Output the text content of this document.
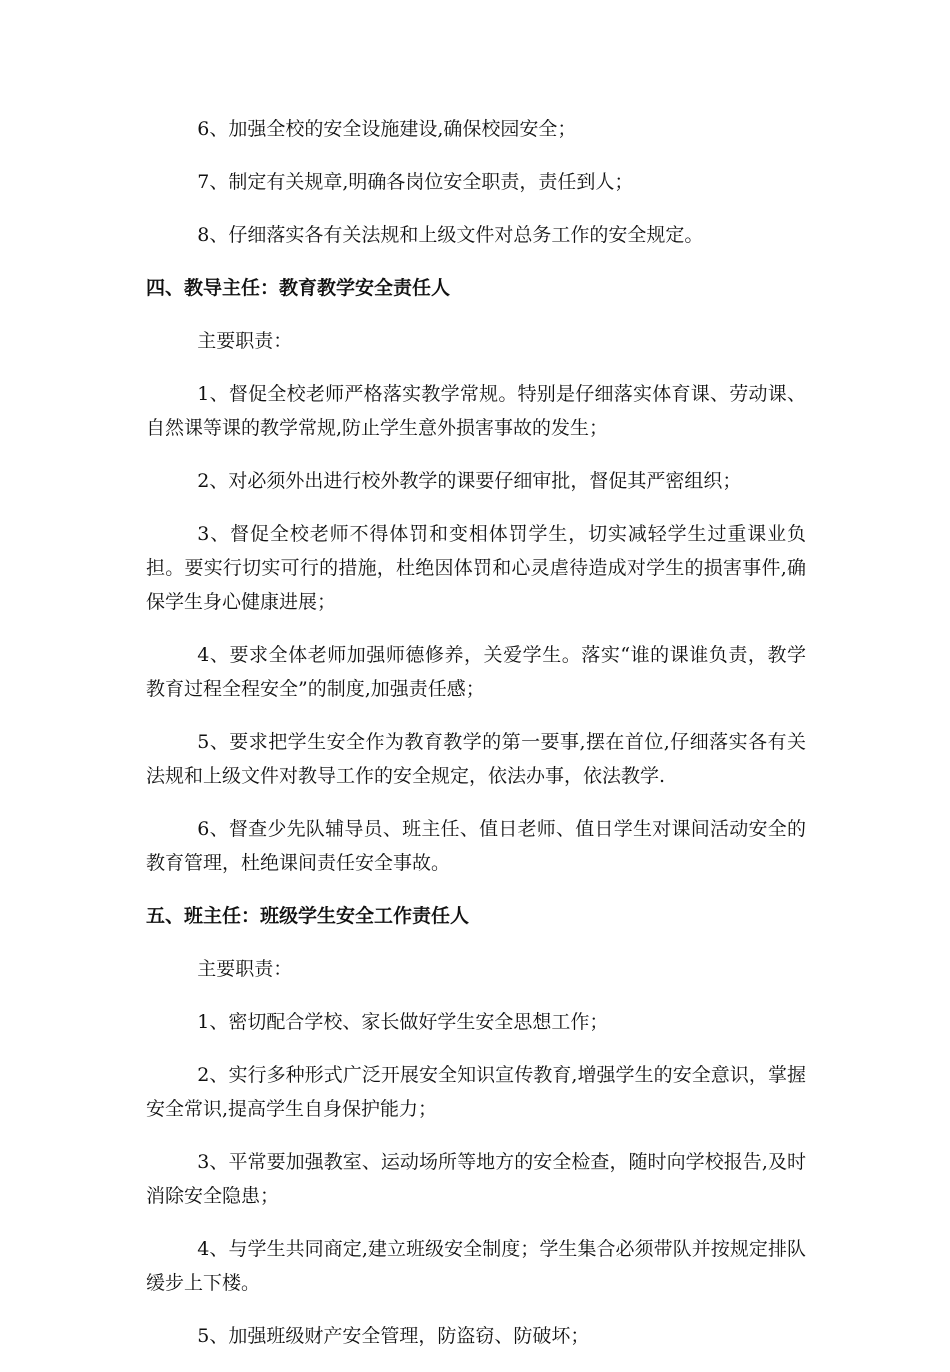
6、加强全校的安全设施建设,确保校园安全；

7、制定有关规章,明确各岗位安全职责，责任到人；

8、仔细落实各有关法规和上级文件对总务工作的安全规定。

四、教导主任：教育教学安全责任人

主要职责：

1、督促全校老师严格落实教学常规。特别是仔细落实体育课、劳动课、自然课等课的教学常规,防止学生意外损害事故的发生；

2、对必须外出进行校外教学的课要仔细审批，督促其严密组织；

3、督促全校老师不得体罚和变相体罚学生，切实减轻学生过重课业负担。要实行切实可行的措施，杜绝因体罚和心灵虐待造成对学生的损害事件,确保学生身心健康进展；

4、要求全体老师加强师德修养，关爱学生。落实“谁的课谁负责，教学教育过程全程安全”的制度,加强责任感；

5、要求把学生安全作为教育教学的第一要事,摆在首位,仔细落实各有关法规和上级文件对教导工作的安全规定，依法办事，依法教学.

6、督查少先队辅导员、班主任、值日老师、值日学生对课间活动安全的教育管理，杜绝课间责任安全事故。

五、班主任：班级学生安全工作责任人

主要职责：

1、密切配合学校、家长做好学生安全思想工作；

2、实行多种形式广泛开展安全知识宣传教育,增强学生的安全意识，掌握安全常识,提高学生自身保护能力；

3、平常要加强教室、运动场所等地方的安全检查，随时向学校报告,及时消除安全隐患；

4、与学生共同商定,建立班级安全制度；学生集合必须带队并按规定排队缓步上下楼。

5、加强班级财产安全管理，防盗窃、防破坏；
